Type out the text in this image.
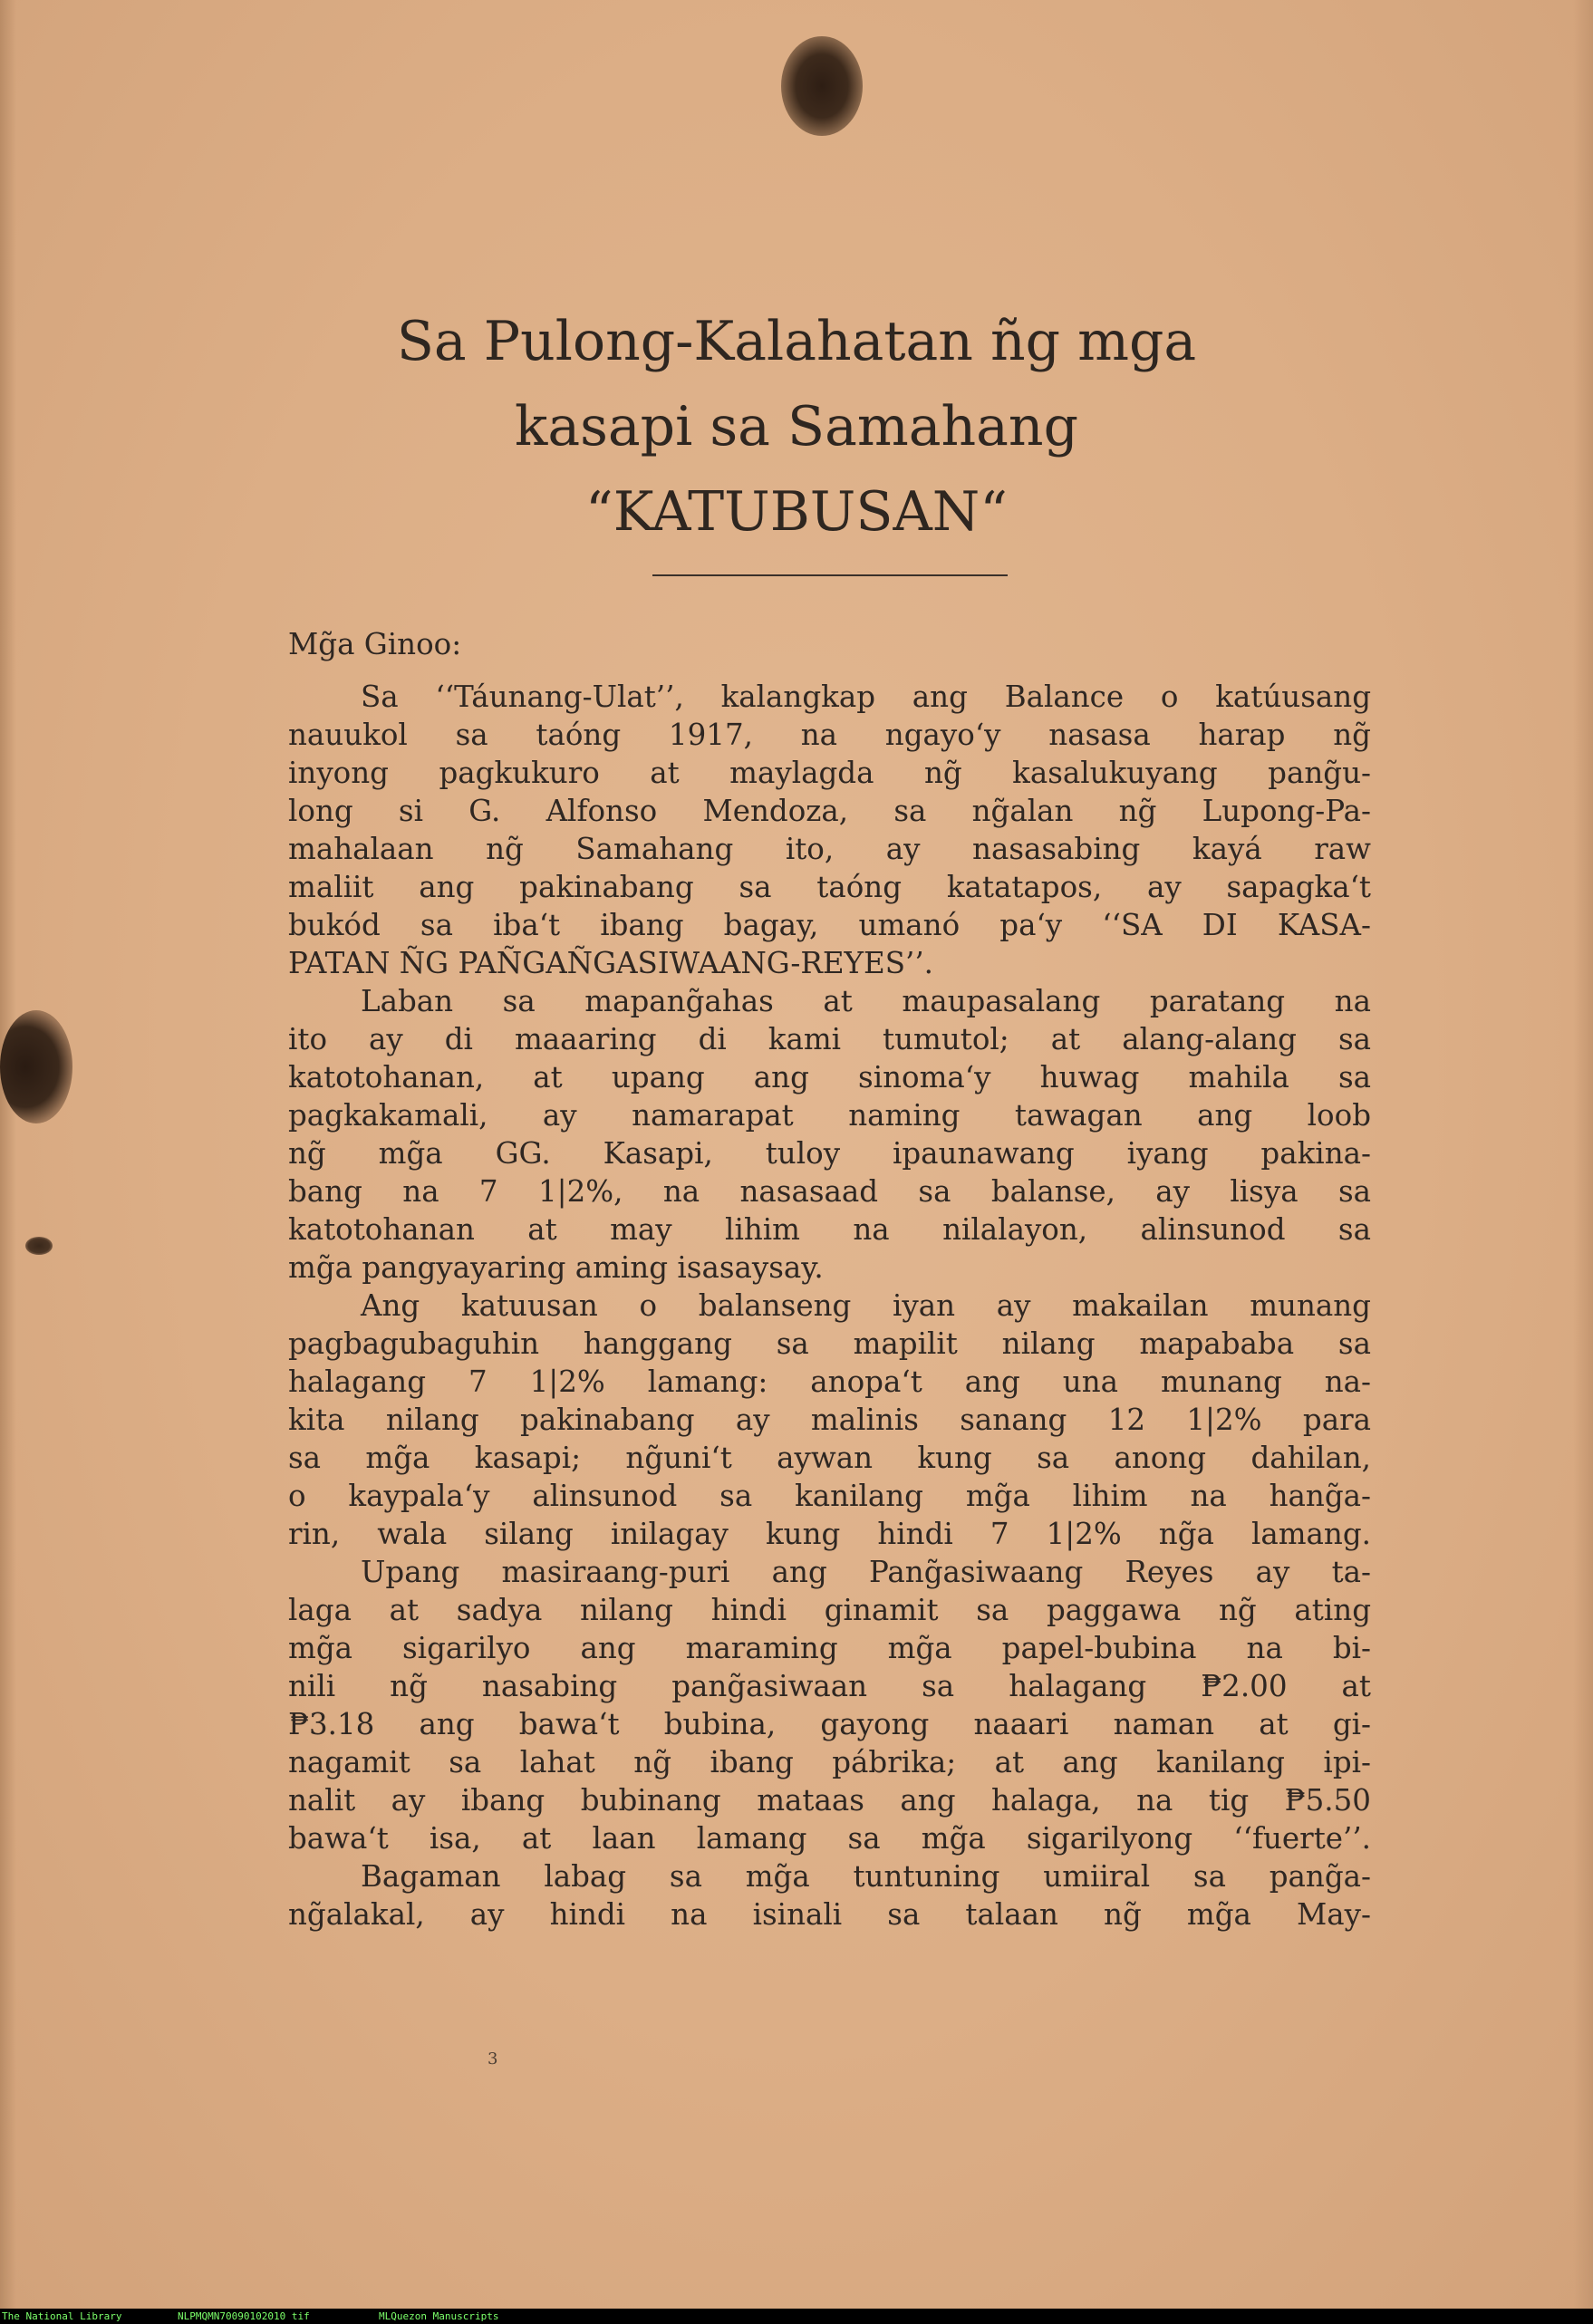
Sa Pulong-Kalahatan ñg mga
kasapi sa Samahang
“KATUBUSAN“

Mg̃a Ginoo:

Sa ‘‘Táunang-Ulat’’, kalangkap ang Balance o katúusang
nauukol sa taóng 1917, na ngayo‘y nasasa harap ng̃
inyong pagkukuro at maylagda ng̃ kasalukuyang pang̃u-
long si G. Alfonso Mendoza, sa ng̃alan ng̃ Lupong-Pa-
mahalaan ng̃ Samahang ito, ay nasasabing kayá raw
maliit ang pakinabang sa taóng katatapos, ay sapagka‘t
bukód sa iba‘t ibang bagay, umanó pa‘y ‘‘SA DI KASA-
PATAN ÑG PAÑGAÑGASIWAANG-REYES’’.

Laban sa mapang̃ahas at maupasalang paratang na
ito ay di maaaring di kami tumutol; at alang-alang sa
katotohanan, at upang ang sinoma‘y huwag mahila sa
pagkakamali, ay namarapat naming tawagan ang loob
ng̃ mg̃a GG. Kasapi, tuloy ipaunawang iyang pakina-
bang na 7 1|2%, na nasasaad sa balanse, ay lisya sa
katotohanan at may lihim na nilalayon, alinsunod sa
mg̃a pangyayaring aming isasaysay.

Ang katuusan o balanseng iyan ay makailan munang
pagbagubaguhin hanggang sa mapilit nilang mapababa sa
halagang 7 1|2% lamang: anopa‘t ang una munang na-
kita nilang pakinabang ay malinis sanang 12 1|2% para
sa mg̃a kasapi; ng̃uni‘t aywan kung sa anong dahilan,
o kaypala‘y alinsunod sa kanilang mg̃a lihim na hang̃a-
rin, wala silang inilagay kung hindi 7 1|2% ng̃a lamang.

Upang masiraang-puri ang Pang̃asiwaang Reyes ay ta-
laga at sadya nilang hindi ginamit sa paggawa ng̃ ating
mg̃a sigarilyo ang maraming mg̃a papel-bubina na bi-
nili ng̃ nasabing pang̃asiwaan sa halagang ₱2.00 at
₱3.18 ang bawa‘t bubina, gayong naaari naman at gi-
nagamit sa lahat ng̃ ibang pábrika; at ang kanilang ipi-
nalit ay ibang bubinang mataas ang halaga, na tig ₱5.50
bawa‘t isa, at laan lamang sa mg̃a sigarilyong ‘‘fuerte’’.

Bagaman labag sa mg̃a tuntuning umiiral sa pang̃a-
ng̃alakal, ay hindi na isinali sa talaan ng̃ mg̃a May-

3
The National Library	NLPMQMN70090102010 tif	MLQuezon Manuscripts
